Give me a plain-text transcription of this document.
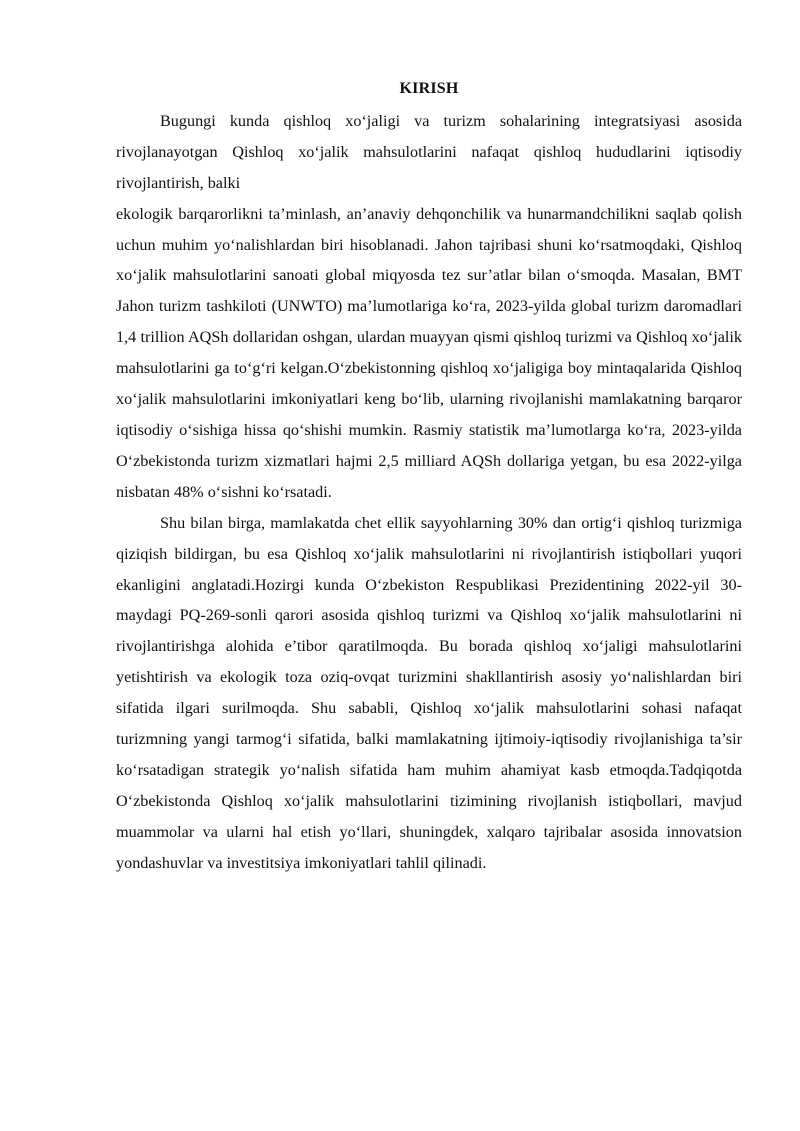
KIRISH

Bugungi kunda qishloq xo‘jaligi va turizm sohalarining integratsiyasi asosida rivojlanayotgan Qishloq xo‘jalik mahsulotlarini nafaqat qishloq hududlarini iqtisodiy rivojlantirish, balki

ekologik barqarorlikni ta’minlash, an’anaviy dehqonchilik va hunarmandchilikni saqlab qolish uchun muhim yo‘nalishlardan biri hisoblanadi. Jahon tajribasi shuni ko‘rsatmoqdaki, Qishloq xo‘jalik mahsulotlarini sanoati global miqyosda tez sur’atlar bilan o‘smoqda. Masalan, BMT Jahon turizm tashkiloti (UNWTO) ma’lumotlariga ko‘ra, 2023-yilda global turizm daromadlari 1,4 trillion AQSh dollaridan oshgan, ulardan muayyan qismi qishloq turizmi va Qishloq xo‘jalik mahsulotlarini ga to‘g‘ri kelgan.O‘zbekistonning qishloq xo‘jaligiga boy mintaqalarida Qishloq xo‘jalik mahsulotlarini imkoniyatlari keng bo‘lib, ularning rivojlanishi mamlakatning barqaror iqtisodiy o‘sishiga hissa qo‘shishi mumkin. Rasmiy statistik ma’lumotlarga ko‘ra, 2023-yilda O‘zbekistonda turizm xizmatlari hajmi 2,5 milliard AQSh dollariga yetgan, bu esa 2022-yilga nisbatan 48% o‘sishni ko‘rsatadi.

Shu bilan birga, mamlakatda chet ellik sayyohlarning 30% dan ortig‘i qishloq turizmiga qiziqish bildirgan, bu esa Qishloq xo‘jalik mahsulotlarini ni rivojlantirish istiqbollari yuqori ekanligini anglatadi.Hozirgi kunda O‘zbekiston Respublikasi Prezidentining 2022-yil 30-maydagi PQ-269-sonli qarori asosida qishloq turizmi va Qishloq xo‘jalik mahsulotlarini ni rivojlantirishga alohida e’tibor qaratilmoqda. Bu borada qishloq xo‘jaligi mahsulotlarini yetishtirish va ekologik toza oziq-ovqat turizmini shakllantirish asosiy yo‘nalishlardan biri sifatida ilgari surilmoqda. Shu sababli, Qishloq xo‘jalik mahsulotlarini sohasi nafaqat turizmning yangi tarmog‘i sifatida, balki mamlakatning ijtimoiy-iqtisodiy rivojlanishiga ta’sir ko‘rsatadigan strategik yo‘nalish sifatida ham muhim ahamiyat kasb etmoqda.Tadqiqotda O‘zbekistonda Qishloq xo‘jalik mahsulotlarini tizimining rivojlanish istiqbollari, mavjud muammolar va ularni hal etish yo‘llari, shuningdek, xalqaro tajribalar asosida innovatsion yondashuvlar va investitsiya imkoniyatlari tahlil qilinadi.
